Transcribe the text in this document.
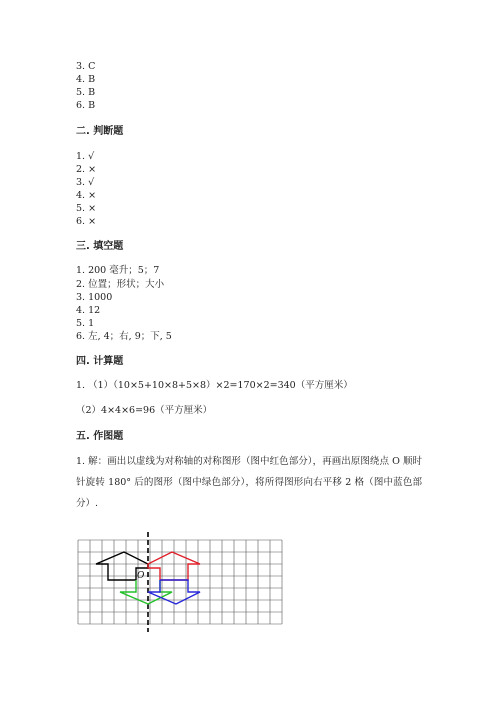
3. C
4. B
5. B
6. B
二. 判断题
1. √
2. ×
3. √
4. ×
5. ×
6. ×
三. 填空题
1. 200 毫升；5；7
2. 位置；形状；大小
3. 1000
4. 12
5. 1
6. 左, 4；右, 9；下, 5
四. 计算题
1. （1）（10×5+10×8+5×8）×2=170×2=340（平方厘米）
（2）4×4×6=96（平方厘米）
五. 作图题
1. 解：画出以虚线为对称轴的对称图形（图中红色部分），再画出原图绕点 O 顺时针旋转 180° 后的图形（图中绿色部分），将所得图形向右平移 2 格（图中蓝色部分）.
O
